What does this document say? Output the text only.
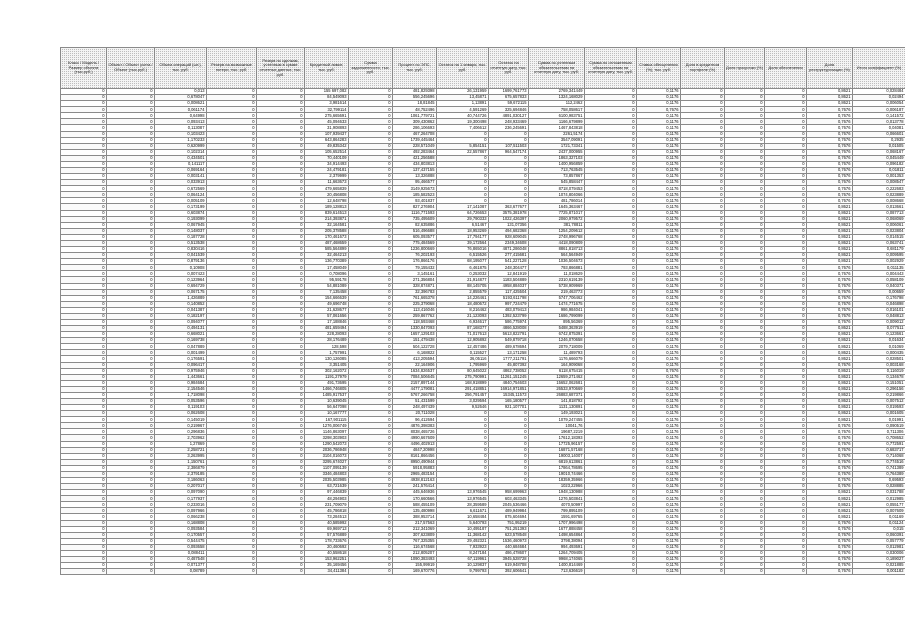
Класс / Модель / Размер объекта (тыс.руб.)	Объект / Объект учета / Объект (тыс.руб.)	Объем операций (шт.), тыс. руб.	Резерв на возможные потери, тыс. руб.	Резерв по сделкам, учтенным в сумме отчетных данных, тыс. руб.	Кредитный лимит, тыс. руб.	Сумма задолженности, тыс. руб.	Процент по ЭПС, тыс. руб.	Остаток на 1 января, тыс. руб.	Остаток на отчетную дату, тыс. руб.	Сумма по учтенным обязательствам на отчетную дату, тыс. руб.	Сумма по отложенным обязательствам на отчетную дату, тыс. руб.	Ставка обесценения (%), тыс. руб.	Доля в кредитном портфеле (%)	Доля просрочки (%)	Доля обеспечения	Доля реструктуризации (%)	Итого коэффициент (%)
0	0	0,013	0	0	155 697,082	0	481,829398	26,131959	1699,761773	2769,341449	0	0,1176	0	0	0	0,8621	0,028484
0	0	0,678047	0	0	84,549093	0	556,245696	13,45871	675,657833	1324,168029	0	0,1176	0	0	0	0,8621	0,02494
0	0	0,008621	0	0	3,981614	0	18,81845	1,13891	59,672115	112,2462	0	0,1176	0	0	0	0,8621	0,006054
0	0	0,061174	0	0	32,799114	0	48,752496	4,591269	325,694846	758,058617	0	0,7676	0	0	0	0,7676	0,006187
0	0	0,64998	0	0	275,665691	0	1061,779721	40,744726	4891,030127	6100,983751	0	0,1176	0	0	0	0,7676	0,141572
0	0	0,093413	0	0	45,094633	0	309,430862	19,300498	248,933469	1166,679899	0	0,1176	0	0	0	0,7676	0,013778
0	0	0,113087	0	0	31,908893	0	286,106693	7,406612	236,245691	1467,843818	0	0,1176	0	0	0	0,7676	0,04081
0	0	0,103423	0	0	107,939437	0	467,264708	0	0	2261,5174	0	0,1176	0	0	0	0,7676	0,066601
0	0	1,170233	0	0	643,864283	0	1739,445464	0	0	3547,09091	0	0,1176	0	0	0	0,7676	0,2935
0	0	0,620999	0	0	49,835342	0	228,571049	5,854151	107,511503	1721,73341	0	0,1176	0	0	0	0,7676	0,01505
0	0	0,102314	0	0	105,652514	0	492,283464	22,557867	964,547174	2437,000955	0	0,1176	0	0	0	0,7676	0,068167
0	0	0,434501	0	0	70,440109	0	421,256588	0	0	1863,327103	0	0,1176	0	0	0	0,7676	0,045449
0	0	0,141117	0	0	34,914493	0	434,803813	0	0	1400,956859	0	0,1176	0	0	0	0,7676	0,096182
0	0	0,069164	0	0	24,479181	0	137,437155	0	0	713,763545	0	0,1176	0	0	0	0,7676	0,01811
0	0	0,003141	0	0	2,379999	0	13,326888	0	0	73,857867	0	0,1176	0	0	0	0,7676	0,001353
0	0	0,033913	0	0	11,663673	0	95,466577	0	0	545,858447	0	0,1176	0	0	0	0,7676	0,008547
0	0	0,672569	0	0	479,665839	0	3149,925673	0	0	8718,079453	0	0,1176	0	0	0	0,7676	0,222683
0	0	0,064124	0	0	20,456808	0	185,582523	0	0	1074,804066	0	0,1176	0	0	0	0,7676	0,023889
0	0	0,005109	0	0	12,648798	0	93,401837	0	0	481,786014	0	0,1176	0	0	0	0,7676	0,008668
0	0	0,173199	0	0	189,128813	0	827,276904	17,141087	363,677677	1645,363467	0	0,1176	0	0	0	0,8621	0,013661
0	0	0,603874	0	0	839,614513	0	1116,771593	64,726653	3575,381978	7725,871017	0	0,1176	0	0	0	0,8621	0,087713
0	0	0,193099	0	0	214,393871	0	735,495609	29,790333	1022,426397	2060,979572	0	0,1176	0	0	0	0,8621	0,068069
0	0	0,067945	0	0	32,164581	0	82,635886	6,51467	131,07356	381,78811	0	0,1176	0	0	0	0,8621	0,006061
0	0	0,148037	0	0	205,378588	0	516,496688	18,953269	494,682368	1254,209612	0	0,1176	0	0	0	0,8621	0,023804
0	0	0,187728	0	0	170,461673	0	605,093577	17,794177	928,609045	2748,996768	0	0,1176	0	0	0	0,8621	0,014515
0	0	0,513538	0	0	487,468659	0	775,484569	39,172564	2349,34608	4418,090809	0	0,1176	0	0	0	0,8621	0,063741
0	0	0,830416	0	0	585,564899	0	1236,800669	76,865016	4871,286048	8861,818713	0	0,1176	0	0	0	0,8621	0,681179
0	0	0,041539	0	0	32,464213	0	76,202193	6,515526	277,415681	564,564949	0	0,1176	0	0	0	0,8621	0,009595
0	0	0,879136	0	0	136,770389	0	176,866176	68,195077	541,227128	1036,504673	0	0,1176	0	0	0	0,8621	0,002929
0	0	0,10908	0	0	17,458049	0	79,155432	6,461875	248,304477	793,866881	0	0,1176	0	0	0	0,7676	0,011135
0	0	0,007423	0	0	0,708096	0	3,145161	0,253032	12,841919	11,018629	0	0,1176	0	0	0	0,7676	0,004443
0	0	0,123964	0	0	95,59178	0	271,356804	21,914877	1183,504889	2310,619139	0	0,1176	0	0	0	0,7676	0,058109
0	0	0,694729	0	0	54,881089	0	328,874871	88,145705	4958,884037	5738,909969	0	0,1176	0	0	0	0,7676	0,040371
0	0	0,067175	0	0	7,135458	0	32,396783	2,855579	117,425504	219,463773	0	0,1176	0	0	0	0,7676	0,00659
0	0	1,426889	0	0	154,666639	0	761,665378	14,226461	5193,611798	5747,706462	0	0,1176	0	0	0	0,7676	0,176798
0	0	0,140852	0	0	49,696748	0	225,379068	18,480672	997,724479	1474,771675	0	0,1176	0	0	0	0,7676	0,046898
0	0	0,041387	0	0	21,628677	0	113,416046	8,216462	483,079413	986,984041	0	0,1176	0	0	0	0,7676	0,016101
0	0	0,182197	0	0	57,061656	0	259,867762	21,123093	1392,523799	1686,799099	0	0,1176	0	0	0	0,7676	0,048813
0	0	0,094077	0	0	17,188846	0	118,593468	6,934617	586,775974	895,56369	0	0,1176	0	0	0	0,7676	0,009012
0	0	0,494131	0	0	481,659494	0	1330,847093	87,168377	4866,528008	5488,363919	0	0,1176	0	0	0	0,8621	0,077511
0	0	0,668021	0	0	228,28093	0	1657,129103	71,017613	5613,822791	6742,875391	0	0,1176	0	0	0	0,8621	0,123661
0	0	0,169738	0	0	28,176489	0	151,479438	12,905892	549,879718	1246,070658	0	0,1176	0	0	0	0,8621	0,01634
0	0	0,047889	0	0	128,598	0	504,122728	12,457486	489,678694	2079,718009	0	0,1176	0	0	0	0,8621	0,01069
0	0	0,001499	0	0	1,757991	0	6,168822	0,115527	13,171258	11,489793	0	0,1176	0	0	0	0,8621	0,000435
0	0	0,176591	0	0	130,126085	0	413,205594	36,05116	1777,211791	1176,666079	0	0,1176	0	0	0	0,8621	0,028501
0	0	0,096417	0	0	3,351405	0	22,164906	1,795969	45,807392	164,909068	0	0,1176	0	0	0	0,7676	0,003168
0	0	0,975946	0	0	302,162072	0	1634,826537	80,645022	4862,738052	6118,675415	0	0,7676	0	0	0	0,8621	0,116019
0	0	1,443661	0	0	1191,27979	0	7084,506645	275,790991	11261,151245	12659,271462	0	0,1176	0	0	0	0,8621	0,134678
0	0	0,984684	0	0	491,73695	0	2157,897144	168,918899	4840,754603	15652,062681	0	0,1176	0	0	0	0,8621	0,151051
0	0	2,154546	0	0	1466,746805	0	4477,179081	291,418851	16914,971851	26533,970669	0	0,1176	0	0	0	0,8621	0,296156
0	0	1,718098	0	0	1485,917537	0	5767,266758	256,791457	15345,11573	26883,687371	0	0,1176	0	0	0	0,8621	0,219866
0	0	0,053596	0	0	10,639045	0	51,431599	3,029594	165,180577	141,818792	0	0,1176	0	0	0	0,8621	0,007512
0	0	0,119103	0	0	56,647098	0	248,497439	9,52646	921,107701	1131,130891	0	0,1176	0	0	0	0,8621	0,019593
0	0	0,062608	0	0	10,167777	0	20,711028	0	0	149,193021	0	0,1176	0	0	0	0,8621	0,001605
0	0	0,145019	0	0	167,901115	0	96,412694	0	0	1079,247455	0	0,1176	0	0	0	0,8621	0,01991
0	0	0,219967	0	0	1276,006749	0	4876,398383	0	0	10041,76	0	0,1176	0	0	0	0,7676	0,090519
0	0	0,296836	0	0	1146,863097	0	8038,465726	0	0	19687,2219	0	0,1176	0	0	0	0,7676	0,711306
0	0	2,703962	0	0	3298,303903	0	4990,667609	0	0	17612,18393	0	0,1176	0	0	0	0,7676	0,708652
0	0	1,27869	0	0	1290,542073	0	4496,402913	0	0	17725,96157	0	0,1176	0	0	0	0,7676	0,772591
0	0	2,258721	0	0	2036,786948	0	4847,20998	0	0	16871,57168	0	0,1176	0	0	0	0,7676	0,683717
0	0	3,263995	0	0	3104,016073	0	8161,866456	0	0	19003,14007	0	0,1176	0	0	0	0,7676	0,714068
0	0	1,150761	0	0	3295,674027	0	8950,490944	0	0	6819,613861	0	0,1176	0	0	0	0,7676	0,774516
0	0	2,386879	0	0	1107,095139	0	5918,95883	0	0	17864,78695	0	0,1176	0	0	0	0,7676	0,741389
0	0	2,379185	0	0	3346,484803	0	2965,483154	0	0	19010,74466	0	0,1176	0	0	0	0,7676	0,764389
0	0	3,186063	0	0	2035,503985	0	4938,812163	0	0	18359,35966	0	0,1176	0	0	0	0,7676	0,69593
0	0	0,207017	0	0	63,721639	0	241,576414	0	0	1023,22966	0	0,1176	0	0	0	0,7676	0,028885
0	0	0,097090	0	0	97,446839	0	445,646936	13,976545	958,699963	1948,130988	0	0,1176	0	0	0	0,8621	0,031788
0	0	0,177937	0	0	48,294903	0	170,660566	13,976545	603,463345	1276,503841	0	0,1176	0	0	0	0,8621	0,012985
0	0	0,233016	0	0	231,709079	0	588,455109	28,359589	2045,536466	4070,50997	0	0,1176	0	0	0	0,8621	0,055177
0	0	0,097966	0	0	45,786818	0	135,480998	6,611671	489,949984	799,895109	0	0,1176	0	0	0	0,8621	0,007609
0	0	0,066238	0	0	73,284513	0	388,953714	10,658484	875,604694	1591,69765	0	0,1176	0	0	0	0,8621	0,01169
0	0	0,168808	0	0	40,585992	0	217,57563	5,640793	751,95219	1707,996498	0	0,1176	0	0	0	0,7676	0,01124
0	0	0,093584	0	0	69,969713	0	212,341069	10,495187	751,251393	1677,888458	0	0,1176	0	0	0	0,7676	0,015
0	0	0,170557	0	0	57,576889	0	307,623809	11,368142	623,578548	1498,654864	0	0,1176	0	0	0	0,7676	0,060391
0	0	0,544475	0	0	178,733676	0	767,325355	29,492321	1536,460973	3798,38094	0	0,1176	0	0	0	0,7676	0,057779
0	0	0,093658	0	0	20,460692	0	116,674568	7,933923	440,684684	994,493691	0	0,1176	0	0	0	0,7676	0,012981
0	0	0,088411	0	0	40,558618	0	212,805207	8,247184	486,478607	1264,709405	0	0,1176	0	0	0	0,7676	0,030006
0	0	0,487548	0	0	153,962251	0	1090,383493	67,119961	3945,528728	9968,174065	0	0,1176	0	0	0	0,7676	0,189027
0	0	0,071377	0	0	35,169456	0	155,99919	10,129837	619,948708	1400,814469	0	0,1176	0	0	0	0,7676	0,021885
0	0	0,08789	0	0	34,411384	0	169,670776	9,799793	392,606641	713,636619	0	0,1176	0	0	0	0,7676	0,001182
